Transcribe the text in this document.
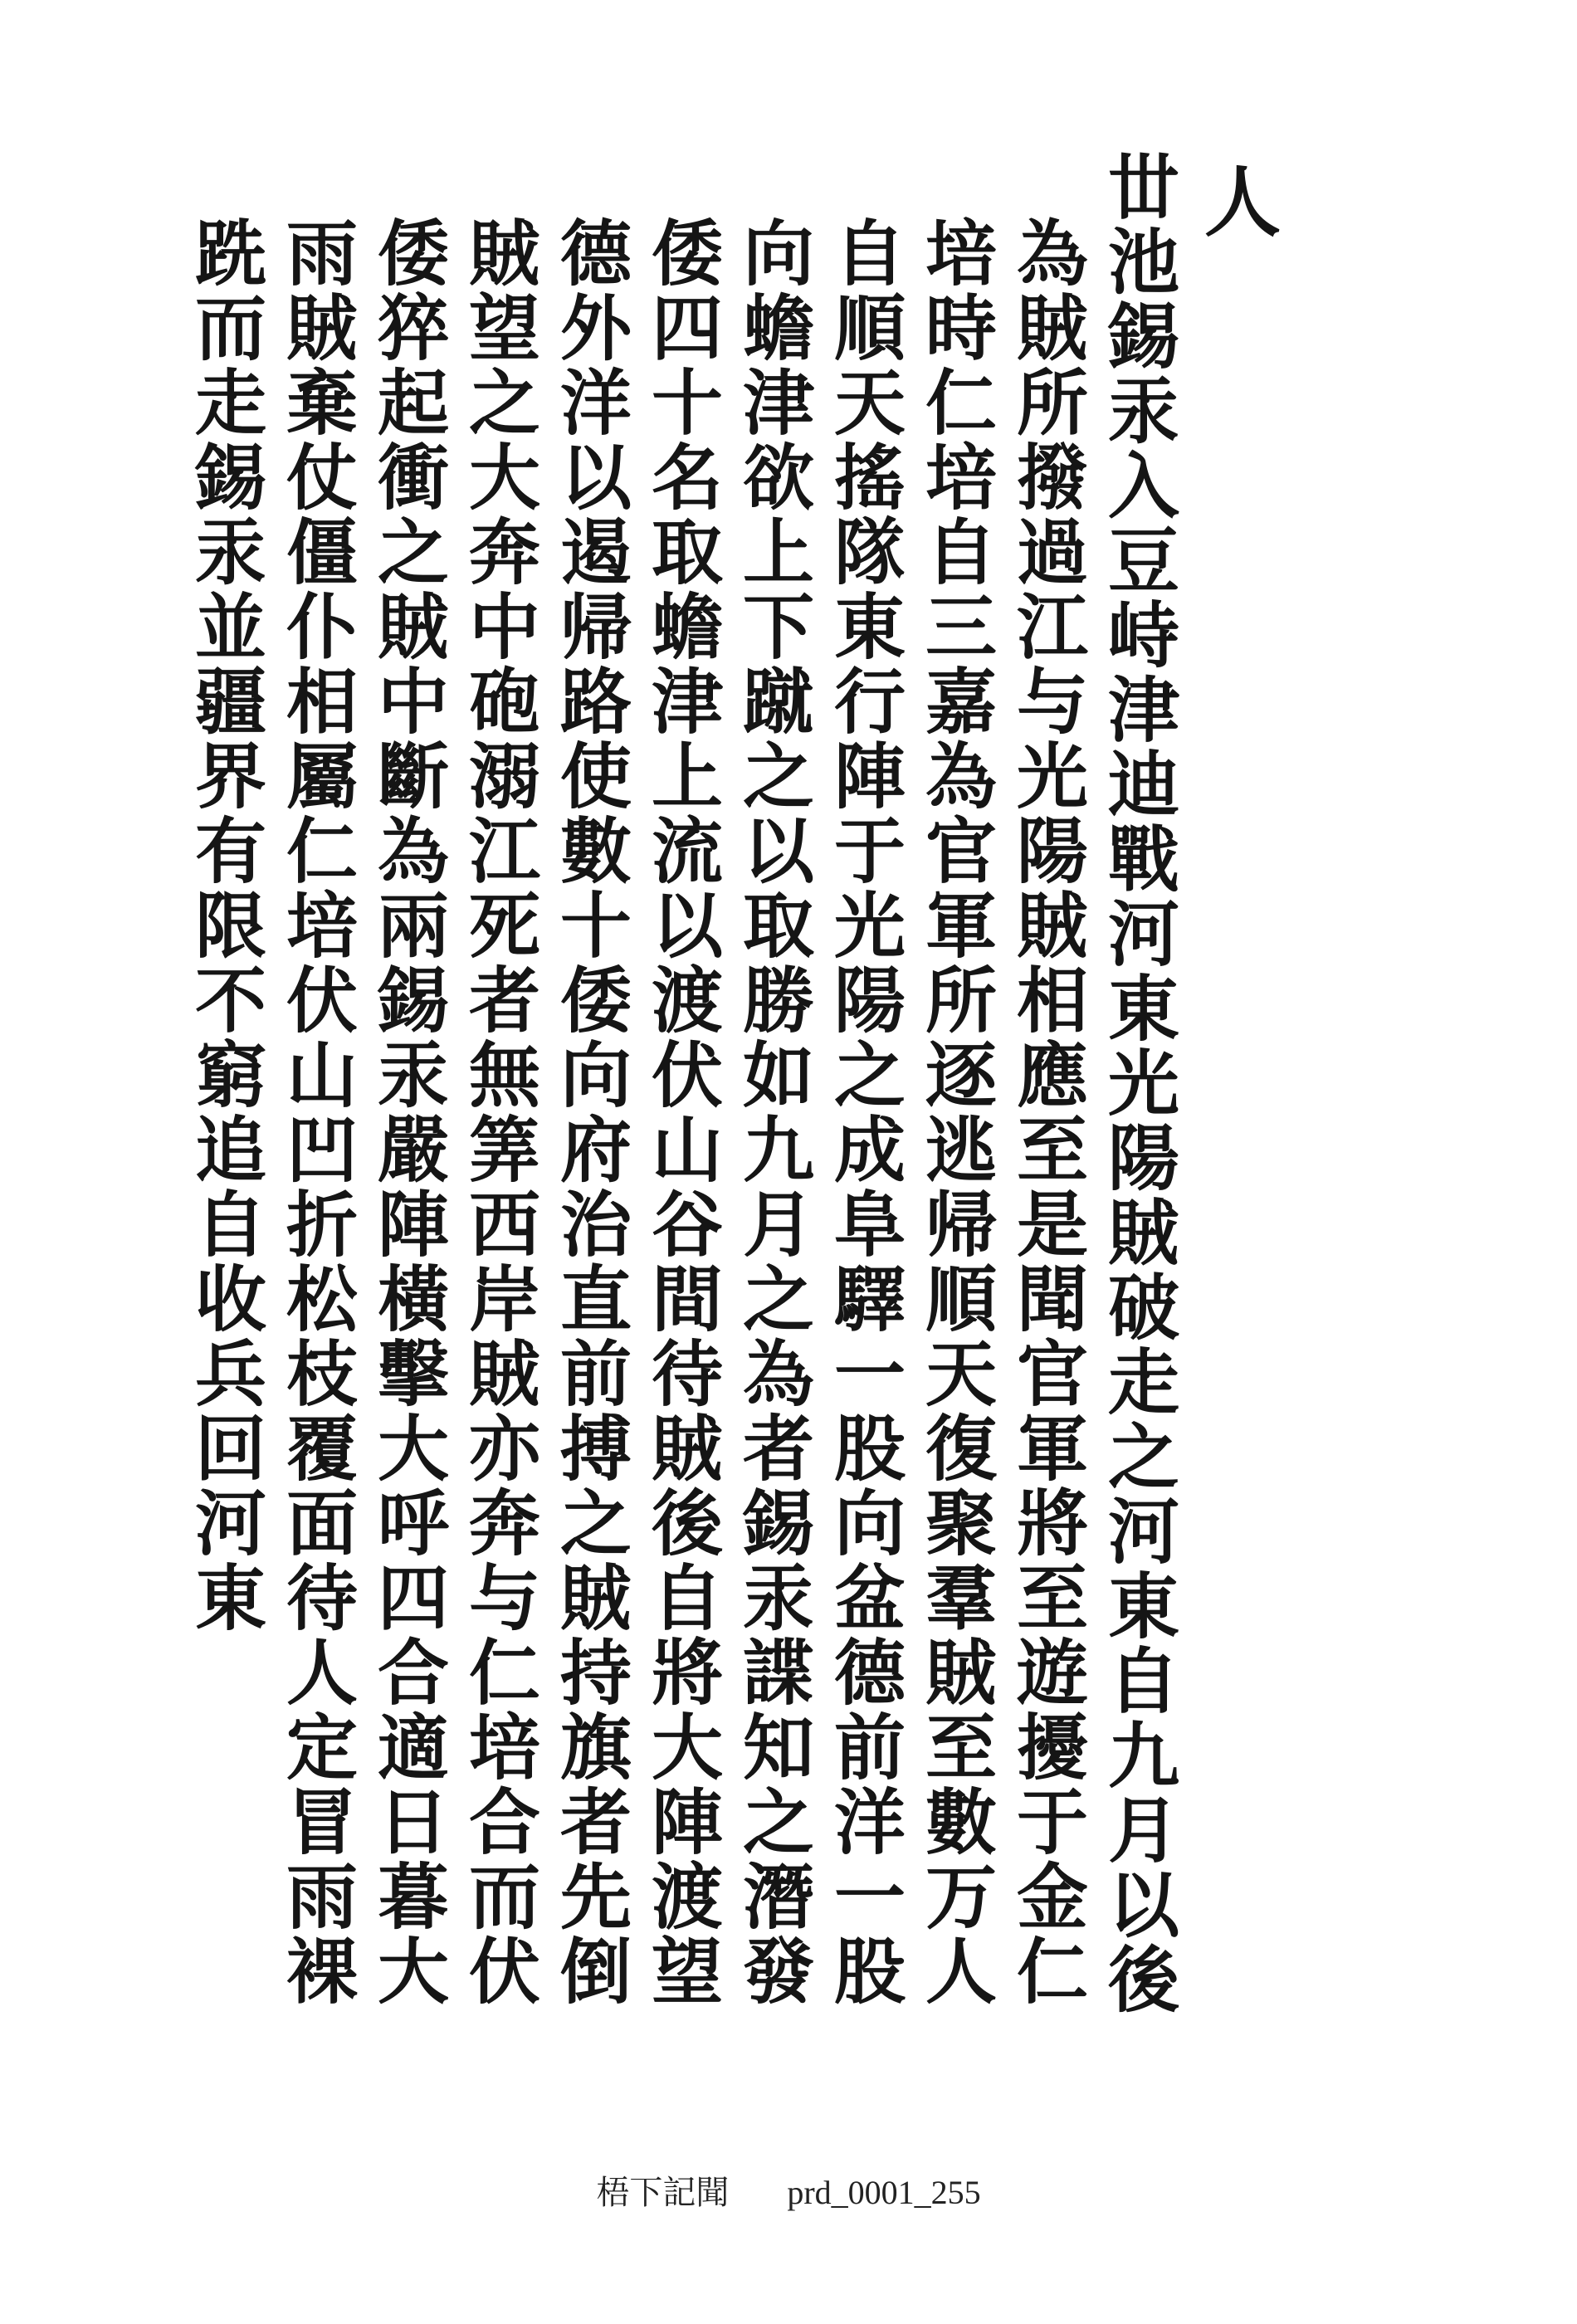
人
丗池錫汞入豆峙津迪戰河東光陽賊破走之河東自九月以後
為賊所撥過江与光陽賊相應至是聞官軍將至遊擾于金仁
培時仁培自三嘉為官軍所逐逃帰順天復聚羣賊至數万人
自順天搖隊東行陣于光陽之成阜驛一股向盆德前洋一股
向蟾津欲上下蹴之以取勝如九月之為者錫汞諜知之潛發
倭四十名取蟾津上流以渡伏山谷間待賊後自將大陣渡望
德外洋以遏帰路使數十倭向府治直前搏之賊持旗者先倒
賊望之大奔中砲溺江死者無筭西岸賊亦奔与仁培合而伏
倭猝起衝之賊中斷為兩錫汞嚴陣橫擊大呼四合適日暮大
雨賊棄仗僵仆相屬仁培伏山凹折松枝覆面待人定冒雨裸
跣而走錫汞並疆界有限不窮追自收兵回河東
梧下記聞 prd_0001_255
